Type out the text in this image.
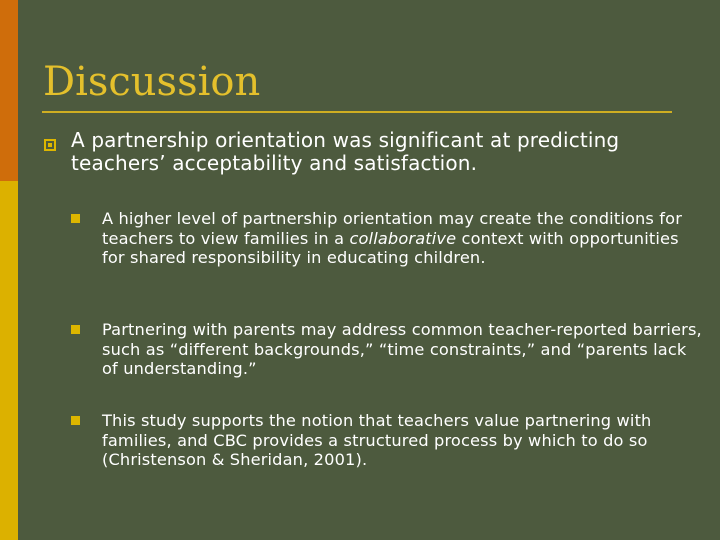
Discussion

A partnership orientation was significant at predicting teachers’ acceptability and satisfaction.

A higher level of partnership orientation may create the conditions for teachers to view families in a collaborative context with opportunities for shared responsibility in educating children.

Partnering with parents may address common teacher-reported barriers, such as “different backgrounds,” “time constraints,” and “parents lack of understanding.”

This study supports the notion that teachers value partnering with families, and CBC provides a structured process by which to do so (Christenson & Sheridan, 2001).
